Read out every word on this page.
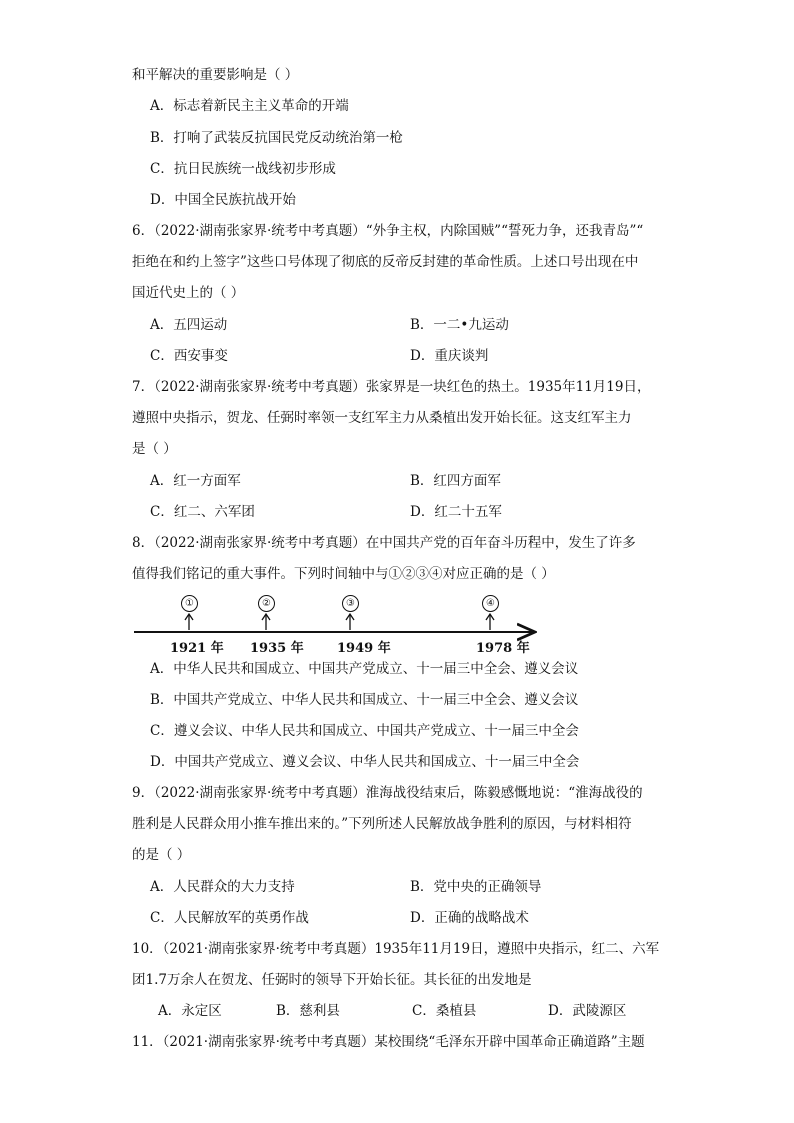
和平解决的重要影响是（ ）
A．标志着新民主主义革命的开端
B．打响了武装反抗国民党反动统治第一枪
C．抗日民族统一战线初步形成
D．中国全民族抗战开始
6．（2022·湖南张家界·统考中考真题）“外争主权，内除国贼”“誓死力争，还我青岛”“
拒绝在和约上签字”这些口号体现了彻底的反帝反封建的革命性质。上述口号出现在中
国近代史上的（ ）
A．五四运动	B．一二•九运动
C．西安事变	D．重庆谈判
7．（2022·湖南张家界·统考中考真题）张家界是一块红色的热土。1935年11月19日，
遵照中央指示，贺龙、任弼时率领一支红军主力从桑植出发开始长征。这支红军主力
是（ ）
A．红一方面军	B．红四方面军
C．红二、六军团	D．红二十五军
8．（2022·湖南张家界·统考中考真题）在中国共产党的百年奋斗历程中，发生了许多
值得我们铭记的重大事件。下列时间轴中与①②③④对应正确的是（ ）
①	②	③	④
1921 年 1935 年	1949 年	1978 年
A．中华人民共和国成立、中国共产党成立、十一届三中全会、遵义会议
B．中国共产党成立、中华人民共和国成立、十一届三中全会、遵义会议
C．遵义会议、中华人民共和国成立、中国共产党成立、十一届三中全会
D．中国共产党成立、遵义会议、中华人民共和国成立、十一届三中全会
9．（2022·湖南张家界·统考中考真题）淮海战役结束后，陈毅感慨地说：“淮海战役的
胜利是人民群众用小推车推出来的。”下列所述人民解放战争胜利的原因，与材料相符
的是（ ）
A．人民群众的大力支持	B．党中央的正确领导
C．人民解放军的英勇作战	D．正确的战略战术
10．（2021·湖南张家界·统考中考真题）1935年11月19日，遵照中央指示，红二、六军
团1.7万余人在贺龙、任弼时的领导下开始长征。其长征的出发地是
A．永定区	B．慈利县	C．桑植县	D．武陵源区
11．（2021·湖南张家界·统考中考真题）某校围绕“毛泽东开辟中国革命正确道路”主题
